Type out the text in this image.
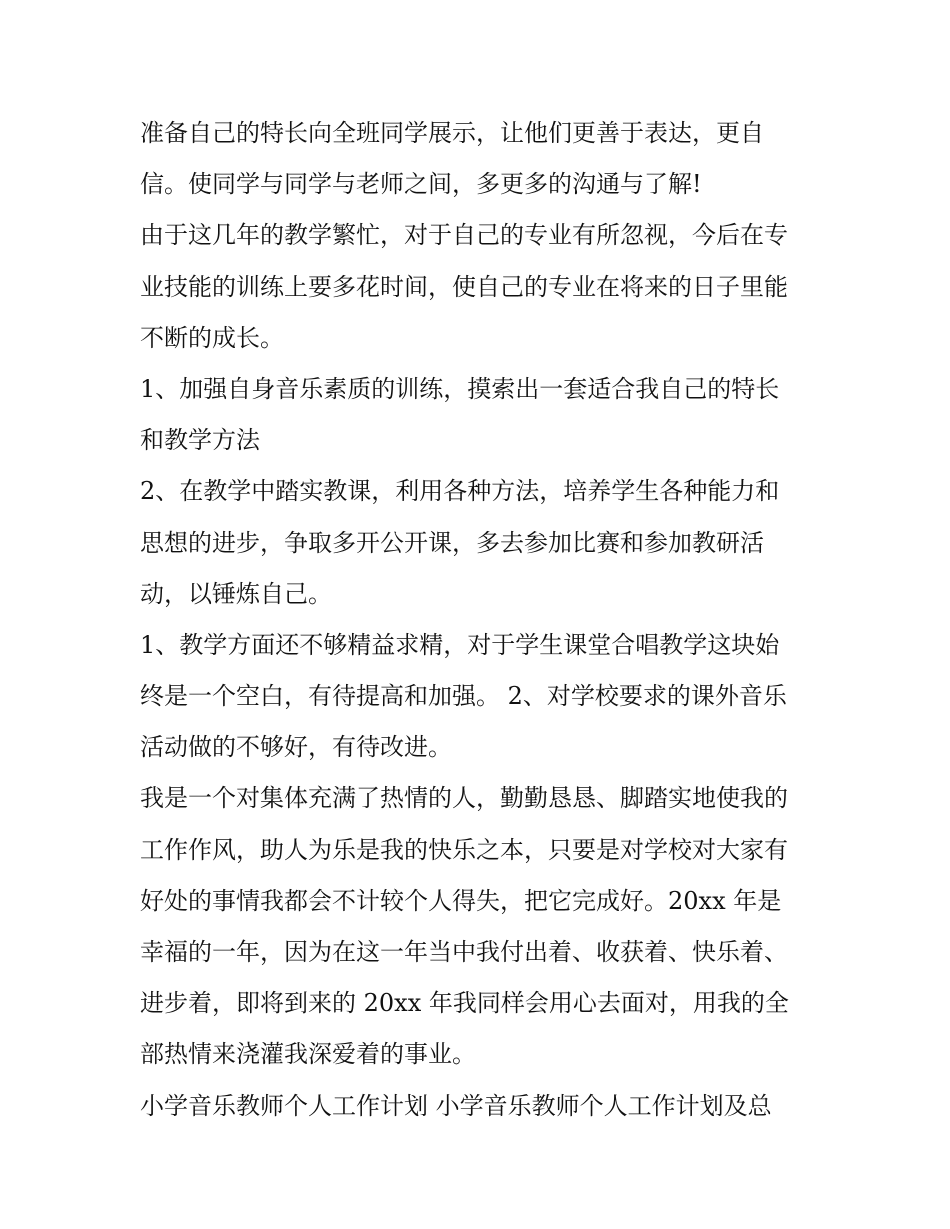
准备自己的特长向全班同学展示，让他们更善于表达，更自
信。使同学与同学与老师之间，多更多的沟通与了解!
由于这几年的教学繁忙，对于自己的专业有所忽视，今后在专
业技能的训练上要多花时间，使自己的专业在将来的日子里能
不断的成长。
1、加强自身音乐素质的训练，摸索出一套适合我自己的特长
和教学方法
2、在教学中踏实教课，利用各种方法，培养学生各种能力和
思想的进步，争取多开公开课，多去参加比赛和参加教研活
动，以锤炼自己。
1、教学方面还不够精益求精，对于学生课堂合唱教学这块始
终是一个空白，有待提高和加强。 2、对学校要求的课外音乐
活动做的不够好，有待改进。
我是一个对集体充满了热情的人，勤勤恳恳、脚踏实地使我的
工作作风，助人为乐是我的快乐之本，只要是对学校对大家有
好处的事情我都会不计较个人得失，把它完成好。20xx 年是
幸福的一年，因为在这一年当中我付出着、收获着、快乐着、
进步着，即将到来的 20xx 年我同样会用心去面对，用我的全
部热情来浇灌我深爱着的事业。
小学音乐教师个人工作计划 小学音乐教师个人工作计划及总
